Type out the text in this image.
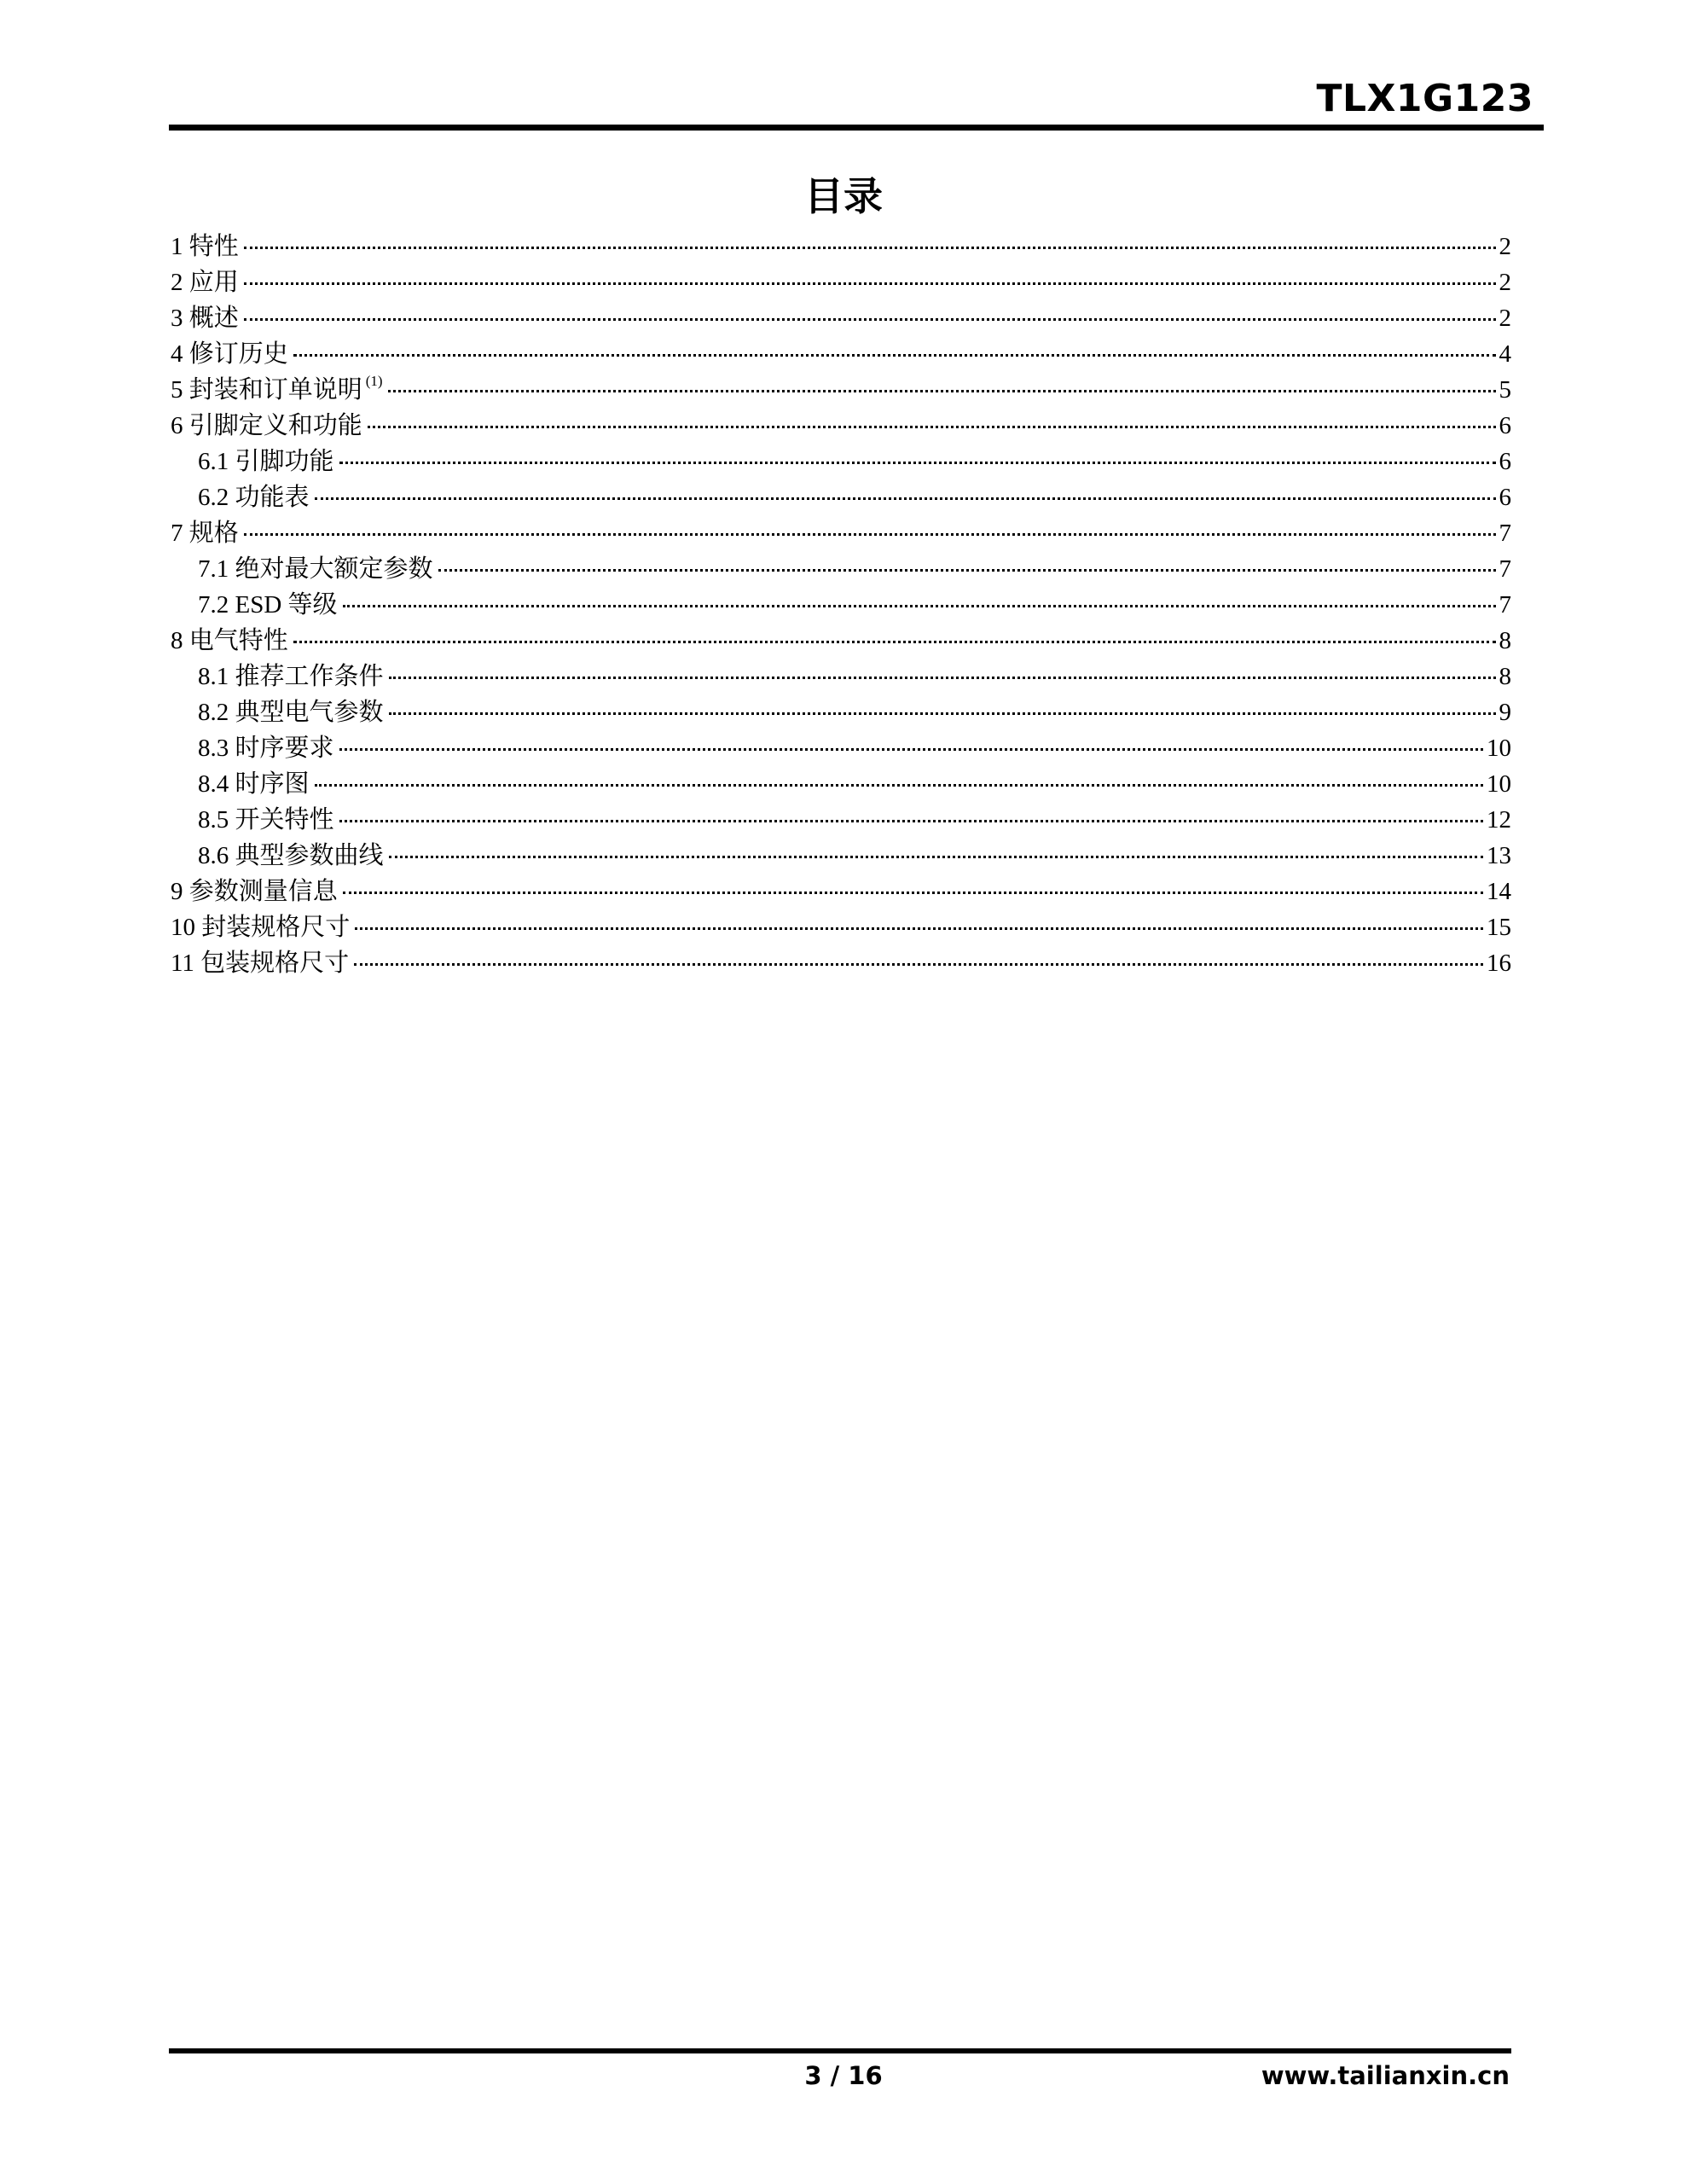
TLX1G123
目录
1 特性	2
2 应用	2
3 概述	2
4 修订历史	4
5 封装和订单说明 $^{(1)}$	5
6 引脚定义和功能	6
6.1 引脚功能	6
6.2 功能表	6
7 规格	7
7.1 绝对最大额定参数	7
7.2 ESD 等级	7
8 电气特性	8
8.1 推荐工作条件	8
8.2 典型电气参数	9
8.3 时序要求	10
8.4 时序图	10
8.5 开关特性	12
8.6 典型参数曲线	13
9 参数测量信息	14
10 封装规格尺寸	15
11 包装规格尺寸	16
3 / 16	www.tailianxin.cn
